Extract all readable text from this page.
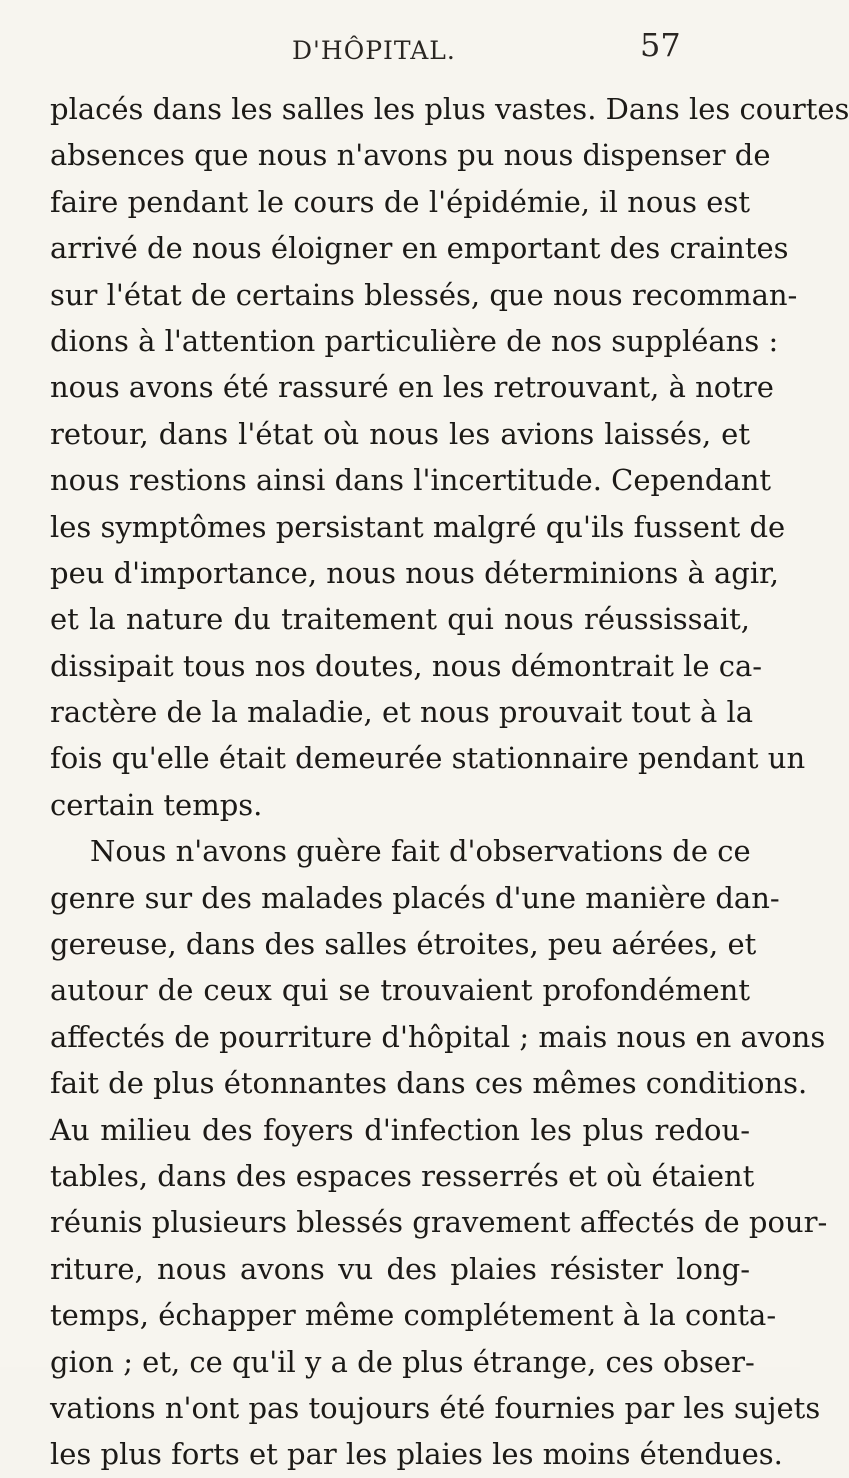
D'HÔPITAL.	57
placés dans les salles les plus vastes. Dans les courtes
absences que nous n'avons pu nous dispenser de
faire pendant le cours de l'épidémie, il nous est
arrivé de nous éloigner en emportant des craintes
sur l'état de certains blessés, que nous recomman-
dions à l'attention particulière de nos suppléans :
nous avons été rassuré en les retrouvant, à notre
retour, dans l'état où nous les avions laissés, et
nous restions ainsi dans l'incertitude. Cependant
les symptômes persistant malgré qu'ils fussent de
peu d'importance, nous nous déterminions à agir,
et la nature du traitement qui nous réussissait,
dissipait tous nos doutes, nous démontrait le ca-
ractère de la maladie, et nous prouvait tout à la
fois qu'elle était demeurée stationnaire pendant un
certain temps.
Nous n'avons guère fait d'observations de ce
genre sur des malades placés d'une manière dan-
gereuse, dans des salles étroites, peu aérées, et
autour de ceux qui se trouvaient profondément
affectés de pourriture d'hôpital ; mais nous en avons
fait de plus étonnantes dans ces mêmes conditions.
Au milieu des foyers d'infection les plus redou-
tables, dans des espaces resserrés et où étaient
réunis plusieurs blessés gravement affectés de pour-
riture, nous avons vu des plaies résister long-
temps, échapper même complétement à la conta-
gion ; et, ce qu'il y a de plus étrange, ces obser-
vations n'ont pas toujours été fournies par les sujets
les plus forts et par les plaies les moins étendues.
